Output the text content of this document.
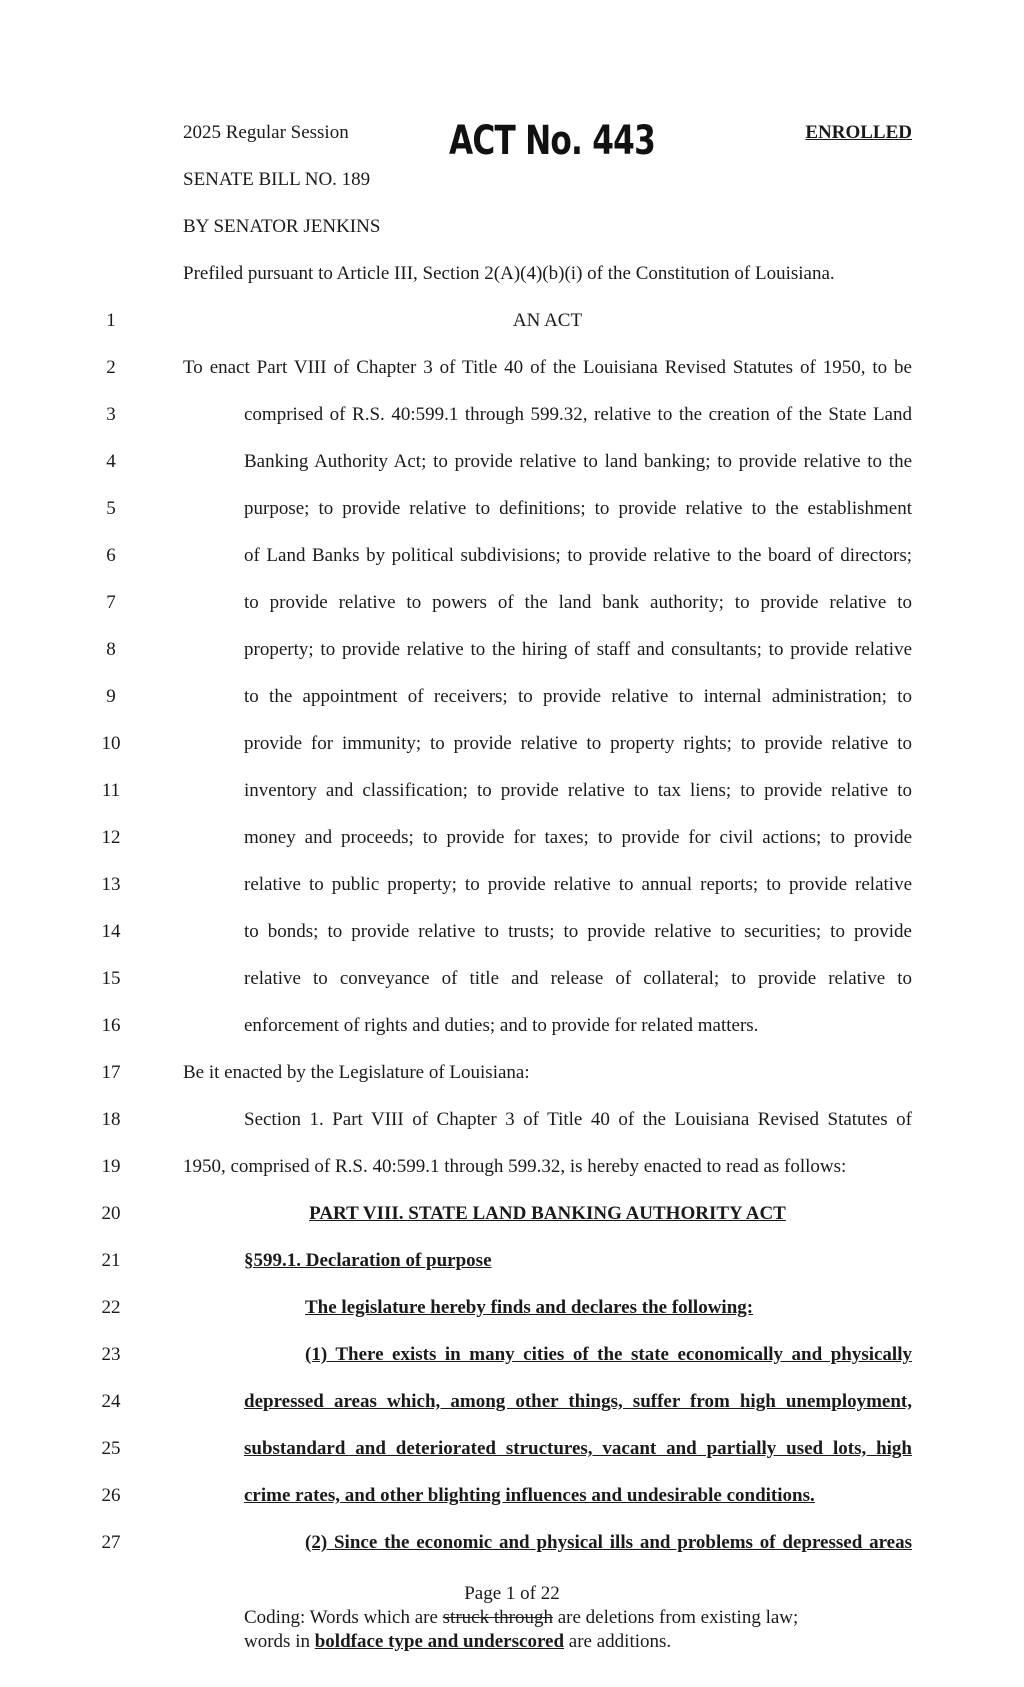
2025 Regular Session	ACT No. 443	ENROLLED
SENATE BILL NO. 189
BY SENATOR JENKINS
Prefiled pursuant to Article III, Section 2(A)(4)(b)(i) of the Constitution of Louisiana.
1	AN ACT
2	To enact Part VIII of Chapter 3 of Title 40 of the Louisiana Revised Statutes of 1950, to be
3	comprised of R.S. 40:599.1 through 599.32, relative to the creation of the State Land
4	Banking Authority Act; to provide relative to land banking; to provide relative to the
5	purpose; to provide relative to definitions; to provide relative to the establishment
6	of Land Banks by political subdivisions; to provide relative to the board of directors;
7	to provide relative to powers of the land bank authority; to provide relative to
8	property; to provide relative to the hiring of staff and consultants; to provide relative
9	to the appointment of receivers; to provide relative to internal administration; to
10	provide for immunity; to provide relative to property rights; to provide relative to
11	inventory and classification; to provide relative to tax liens; to provide relative to
12	money and proceeds; to provide for taxes; to provide for civil actions; to provide
13	relative to public property; to provide relative to annual reports; to provide relative
14	to bonds; to provide relative to trusts; to provide relative to securities; to provide
15	relative to conveyance of title and release of collateral; to provide relative to
16	enforcement of rights and duties; and to provide for related matters.
17	Be it enacted by the Legislature of Louisiana:
18	Section 1. Part VIII of Chapter 3 of Title 40 of the Louisiana Revised Statutes of
19	1950, comprised of R.S. 40:599.1 through 599.32, is hereby enacted to read as follows:
20	PART VIII. STATE LAND BANKING AUTHORITY ACT
21	§599.1. Declaration of purpose
22	The legislature hereby finds and declares the following:
23	(1) There exists in many cities of the state economically and physically
24	depressed areas which, among other things, suffer from high unemployment,
25	substandard and deteriorated structures, vacant and partially used lots, high
26	crime rates, and other blighting influences and undesirable conditions.
27	(2) Since the economic and physical ills and problems of depressed areas
Page 1 of 22
Coding: Words which are struck through are deletions from existing law;
words in boldface type and underscored are additions.
